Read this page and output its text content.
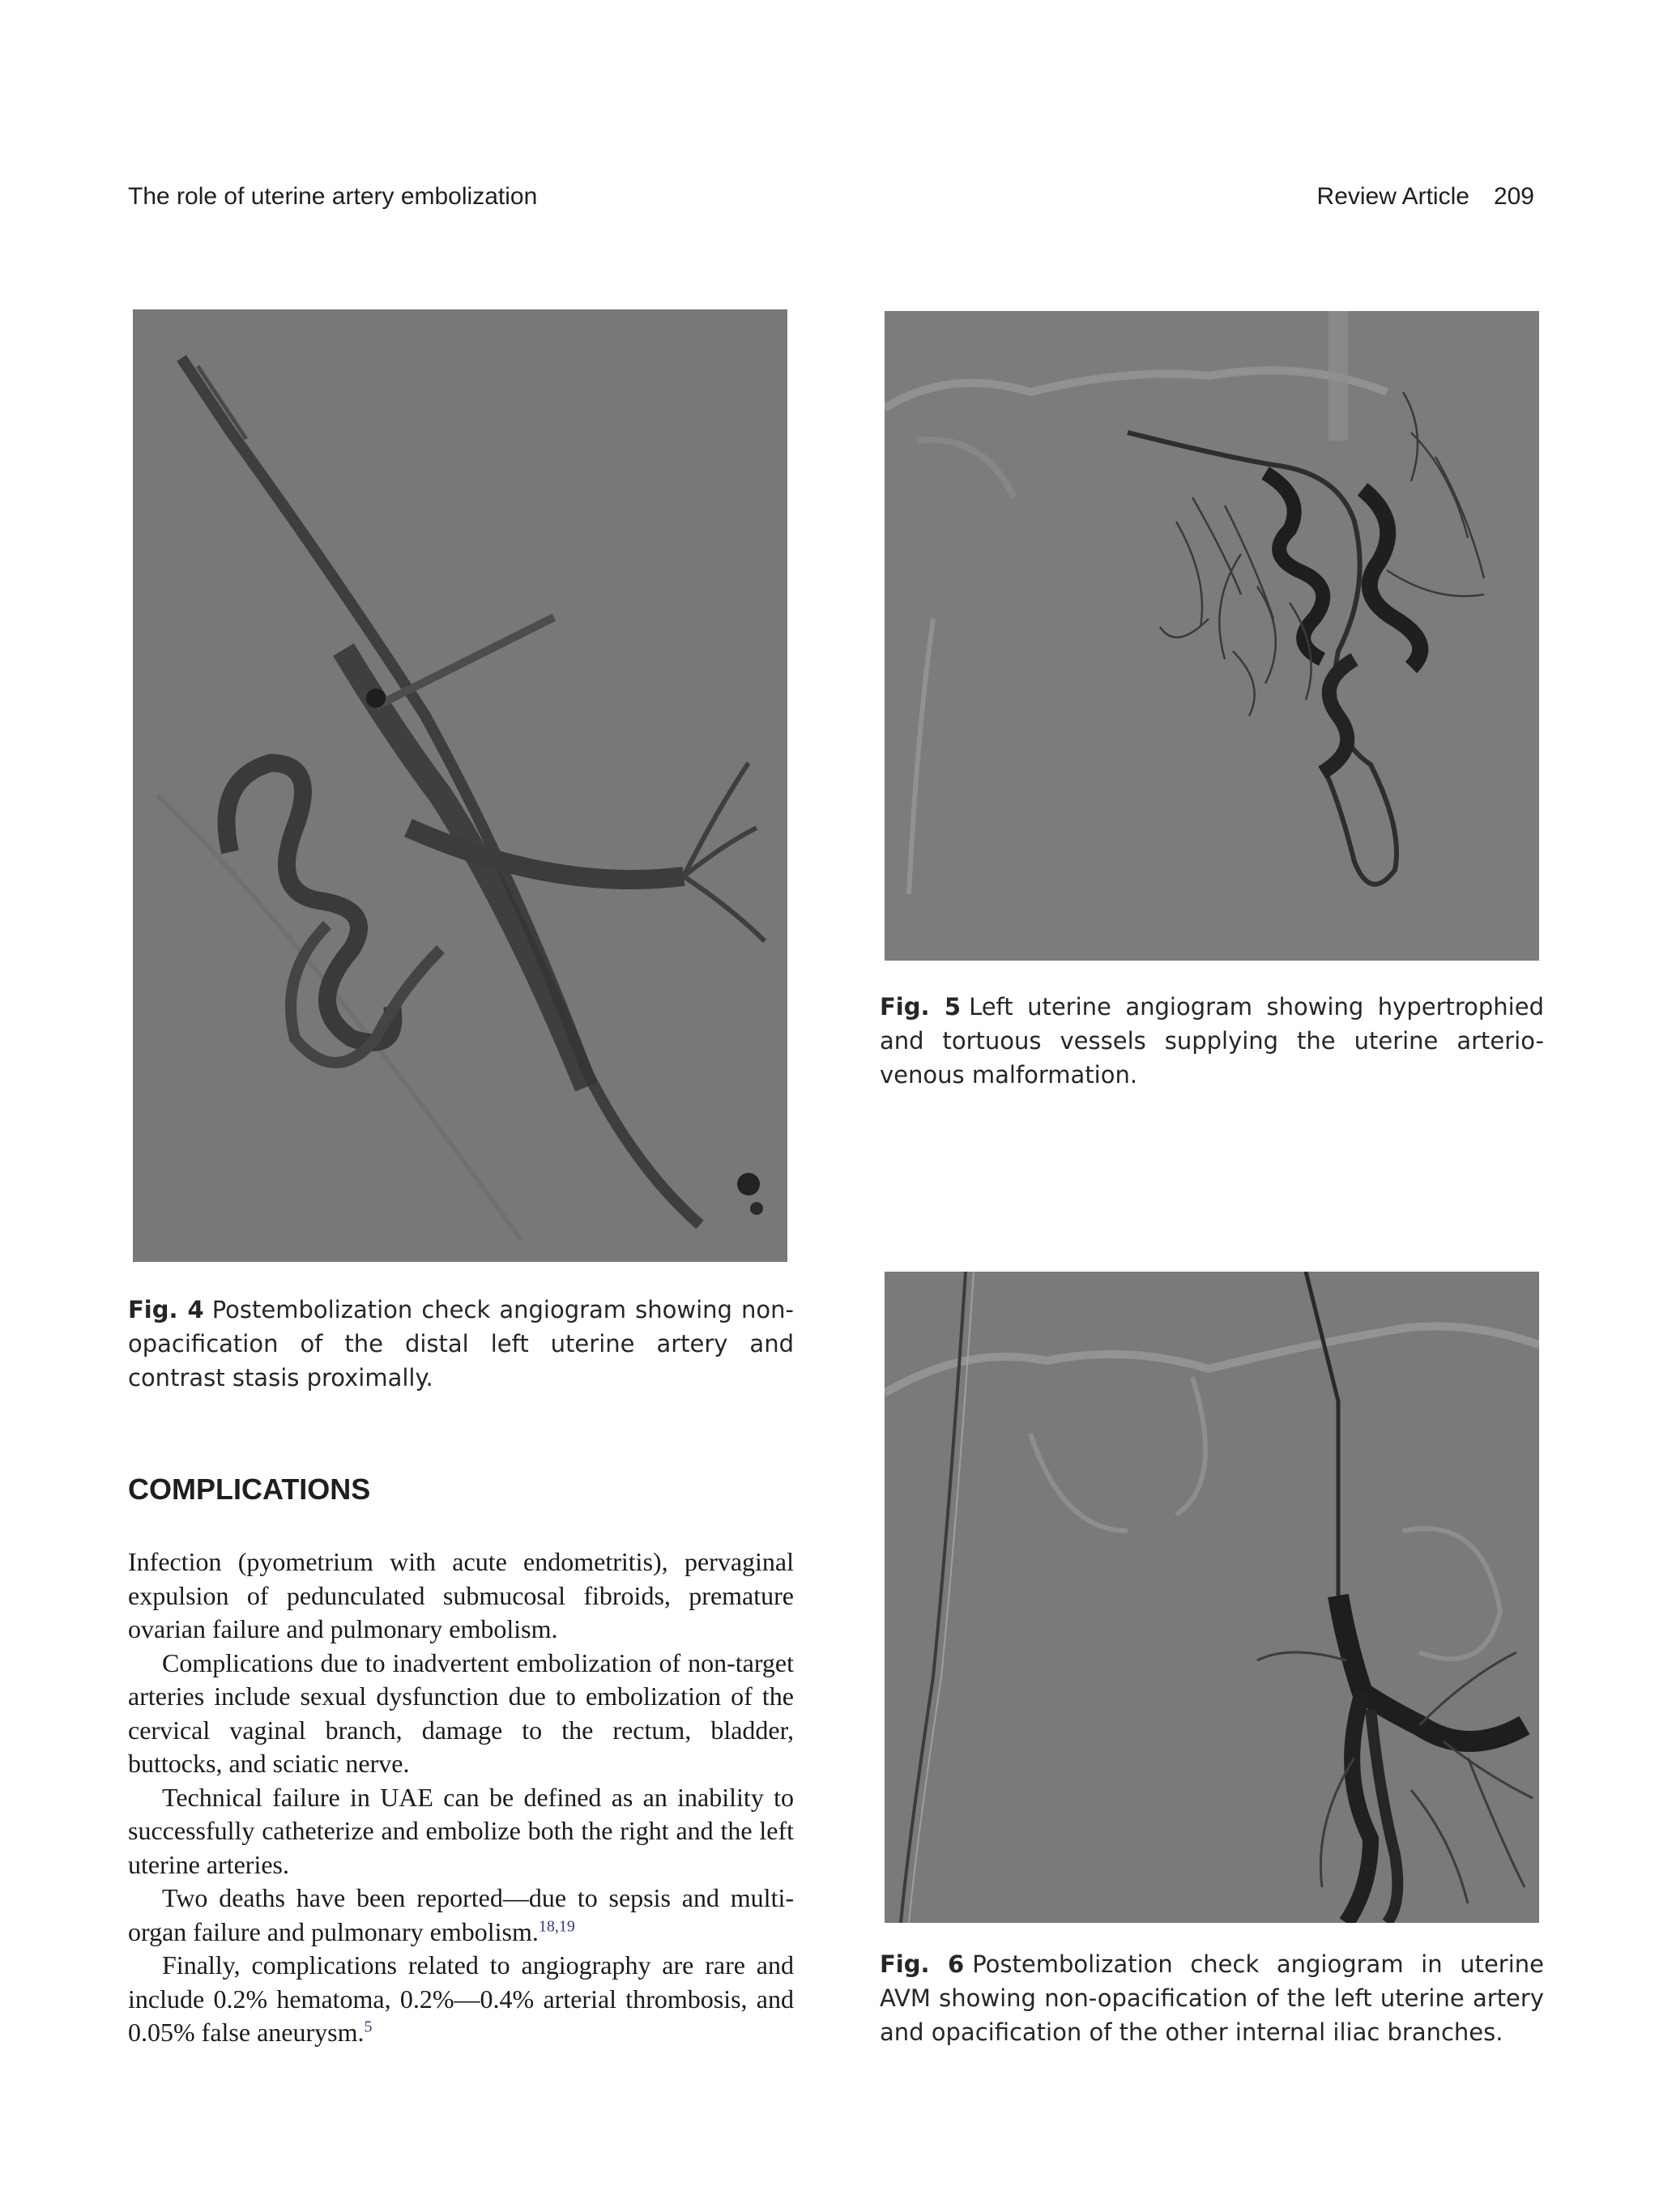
The role of uterine artery embolization	Review Article 209
Fig. 4 Postembolization check angiogram showing non-opacification of the distal left uterine artery and contrast stasis proximally.
Fig. 5 Left uterine angiogram showing hypertrophied and tortuous vessels supplying the uterine arterio-venous malformation.
Fig. 6 Postembolization check angiogram in uterine AVM showing non-opacification of the left uterine artery and opacification of the other internal iliac branches.
COMPLICATIONS

Infection (pyometrium with acute endometritis), pervaginal expulsion of pedunculated submucosal fibroids, premature ovarian failure and pulmonary embolism.

Complications due to inadvertent embolization of non-target arteries include sexual dysfunction due to embolization of the cervical vaginal branch, damage to the rectum, bladder, buttocks, and sciatic nerve.

Technical failure in UAE can be defined as an inability to successfully catheterize and embolize both the right and the left uterine arteries.

Two deaths have been reported—due to sepsis and multi-organ failure and pulmonary embolism.$^{18,19}$

Finally, complications related to angiography are rare and include 0.2% hematoma, 0.2%—0.4% arterial thrombosis, and 0.05% false aneurysm.$^5$
